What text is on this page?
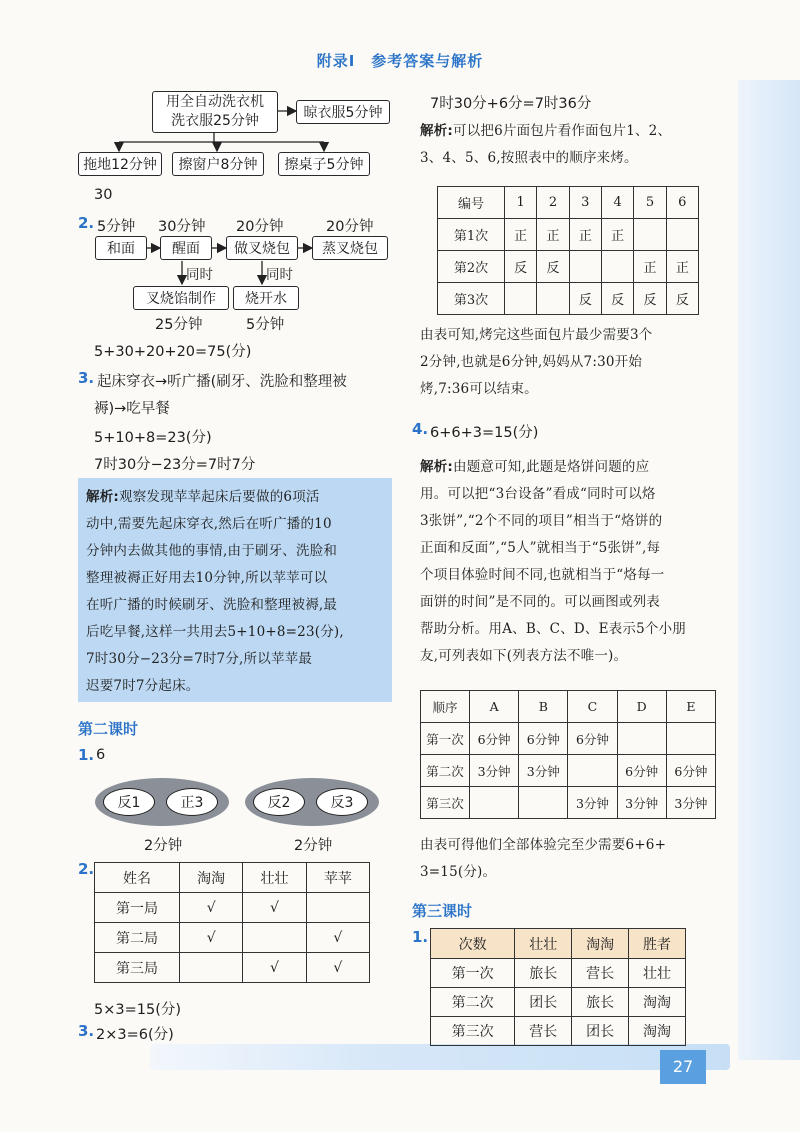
27
附录Ⅰ　参考答案与解析
用全自动洗衣机
洗衣服25分钟	晾衣服5分钟
拖地12分钟 擦窗户8分钟 擦桌子5分钟
30
2. 5分钟 30分钟 20分钟	20分钟
和面	醒面 做叉烧包 蒸叉烧包
同时	同时
叉烧馅制作 烧开水
25分钟	5分钟
5+30+20+20=75(分)
3. 起床穿衣→听广播(刷牙、洗脸和整理被
褥)→吃早餐
5+10+8=23(分)
7时30分−23分=7时7分
解析:观察发现苹苹起床后要做的6项活
动中,需要先起床穿衣,然后在听广播的10
分钟内去做其他的事情,由于刷牙、洗脸和
整理被褥正好用去10分钟,所以苹苹可以
在听广播的时候刷牙、洗脸和整理被褥,最
后吃早餐,这样一共用去5+10+8=23(分),
7时30分−23分=7时7分,所以苹苹最
迟要7时7分起床。
第二课时
1. 6
反1	正3	反2	反3
2分钟	2分钟
2.
姓名	淘淘	壮壮	苹苹
第一局	√	√	
第二局	√		√
第三局		√	√
5×3=15(分)
3. 2×3=6(分)
7时30分+6分=7时36分
解析:可以把6片面包片看作面包片1、2、
3、4、5、6,按照表中的顺序来烤。
编号	1	2	3	4	5	6
第1次	正	正	正	正		
第2次	反	反			正	正
第3次			反	反	反	反
由表可知,烤完这些面包片最少需要3个
2分钟,也就是6分钟,妈妈从7:30开始
烤,7:36可以结束。
4. 6+6+3=15(分)
解析:由题意可知,此题是烙饼问题的应
用。可以把“3台设备”看成“同时可以烙
3张饼”,“2个不同的项目”相当于“烙饼的
正面和反面”,“5人”就相当于“5张饼”,每
个项目体验时间不同,也就相当于“烙每一
面饼的时间”是不同的。可以画图或列表
帮助分析。用A、B、C、D、E表示5个小朋
友,可列表如下(列表方法不唯一)。
顺序	A	B	C	D	E
第一次	6分钟	6分钟	6分钟		
第二次	3分钟	3分钟		6分钟	6分钟
第三次			3分钟	3分钟	3分钟
由表可得他们全部体验完至少需要6+6+
3=15(分)。
第三课时
1. 次数	壮壮	淘淘	胜者
第一次	旅长	营长	壮壮
第二次	团长	旅长	淘淘
第三次	营长	团长	淘淘
